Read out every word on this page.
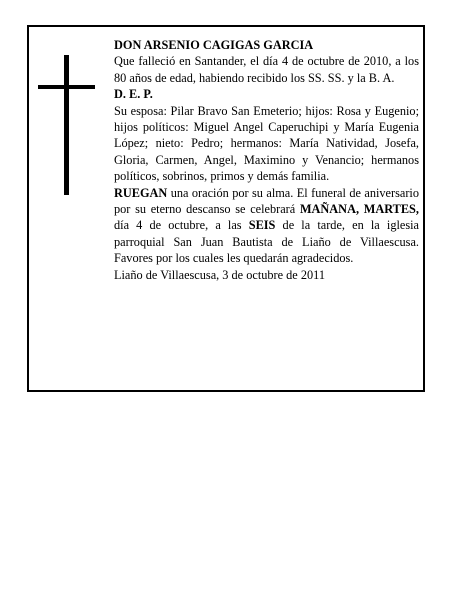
DON ARSENIO CAGIGAS GARCIA

Que falleció en Santander, el día 4 de octubre de 2010, a los 80 años de edad, habiendo recibido los SS. SS. y la B. A.

D. E. P.

Su esposa: Pilar Bravo San Emeterio; hijos: Rosa y Eugenio; hijos políticos: Miguel Angel Caperuchipi y María Eugenia López; nieto: Pedro; hermanos: María Natividad, Josefa, Gloria, Carmen, Angel, Maximino y Venancio; hermanos políticos, sobrinos, primos y demás familia.

RUEGAN una oración por su alma. El funeral de aniversario por su eterno descanso se celebrará MAÑANA, MARTES, día 4 de octubre, a las SEIS de la tarde, en la iglesia parroquial San Juan Bautista de Liaño de Villaescusa. Favores por los cuales les quedarán agradecidos.

Liaño de Villaescusa, 3 de octubre de 2011
